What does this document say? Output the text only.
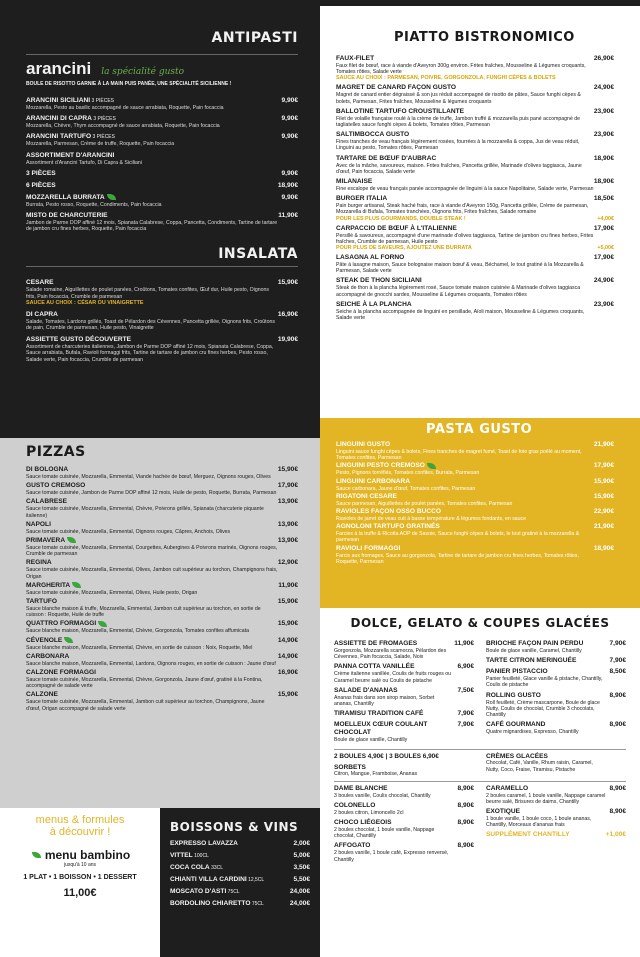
ANTIPASTI
arancini la spécialité gusto
BOULE DE RISOTTO GARNIE À LA MAIN PUIS PANÉE, UNE SPÉCIALITÉ SICILIENNE !
ARANCINI SICILIANI 3 PIÈCES	9,90€
Mozzarella, Pesto au basilic accompagné de sauce arrabiata, Roquette, Pain focaccia
ARANCINI DI CAPRA 3 PIÈCES	9,90€
Mozzarella, Chèvre, Thym accompagné de sauce arrabiata, Roquette, Pain focaccia
ARANCINI TARTUFO 3 PIÈCES	9,90€
Mozzarella, Parmesan, Crème de truffe, Roquette, Pain focaccia
ASSORTIMENT D'ARANCINI
Assortiment d'Arancini Tartufo, Di Capra & Siciliani
3 PIÈCES	9,90€
6 PIÈCES	18,90€
MOZZARELLA BURRATA	9,90€
Burrata, Pesto rosso, Roquette, Condiments, Pain focaccia
MISTO DE CHARCUTERIE	11,90€
Jambon de Parme DOP affiné 12 mois, Spianata Calabrese, Coppa, Pancetta, Condiments, Tartine de tartare de jambon cru fines herbes, Roquette, Pain focaccia
INSALATA
CESARE	15,90€
Salade romaine, Aiguillettes de poulet panées, Croûtons, Tomates confites, Œuf dur, Huile pesto, Oignons frits, Pain focaccia, Crumble de parmesan
SAUCE AU CHOIX : CÉSAR OU VINAIGRETTE
DI CAPRA	16,90€
Salade, Tomates, Lardons grillés, Toast de Pélardon des Cévennes, Pancetta grillée, Oignons frits, Croûtons de pain, Crumble de parmesan, Huile pesto, Vinaigrette
ASSIETTE GUSTO DÉCOUVERTE	19,90€
Assortiment de charcuteries italiennes, Jambon de Parme DOP affiné 12 mois, Spianata Calabrese, Coppa, Sauce arrabiata, Bufala, Ravioli formaggi frits, Tartine de tartare de jambon cru fines herbes, Pesto rosso, Salade verte, Pain focaccia, Crumble de parmesan
PIZZAS
DI BOLOGNA	15,90€
Sauce tomate cuisinée, Mozzarella, Emmental, Viande hachée de bœuf, Merguez, Oignons rouges, Olives
GUSTO CREMOSO	17,90€
Sauce tomate cuisinée, Jambon de Parme DOP affiné 12 mois, Huile de pesto, Roquette, Burrata, Parmesan
CALABRESE	13,90€
Sauce tomate cuisinée, Mozzarella, Emmental, Chèvre, Poivrons grillés, Spianata (charcuterie piquante italienne)
NAPOLI	13,90€
Sauce tomate cuisinée, Mozzarella, Emmental, Oignons rouges, Câpres, Anchois, Olives
PRIMAVERA	13,90€
Sauce tomate cuisinée, Mozzarella, Emmental, Courgettes, Aubergines & Poivrons marinés, Oignons rouges, Crumble de parmesan
REGINA	12,90€
Sauce tomate cuisinée, Mozzarella, Emmental, Olives, Jambon cuit supérieur au torchon, Champignons frais, Origan
MARGHERITA	11,90€
Sauce tomate cuisinée, Mozzarella, Emmental, Olives, Huile pesto, Origan
TARTUFO	15,90€
Sauce blanche maison & truffe, Mozzarella, Emmental, Jambon cuit supérieur au torchon, en sortie de cuisson : Roquette, Huile de truffe
QUATTRO FORMAGGI	15,90€
Sauce blanche maison, Mozzarella, Emmental, Chèvre, Gorgonzola, Tomates confites affumicata
CÉVENOLE	14,90€
Sauce blanche maison, Mozzarella, Emmental, Chèvre, en sortie de cuisson : Noix, Roquette, Miel
CARBONARA	14,90€
Sauce blanche maison, Mozzarella, Emmental, Lardons, Oignons rouges, en sortie de cuisson : Jaune d'œuf
CALZONE FORMAGGI	16,90€
Sauce tomate cuisinée, Mozzarella, Emmental, Chèvre, Gorgonzola, Jaune d'œuf, gratiné à la Fontina, accompagné de salade verte
CALZONE	15,90€
Sauce tomate cuisinée, Mozzarella, Emmental, Jambon cuit supérieur au torchon, Champignons, Jaune d'œuf, Origan accompagné de salade verte
menus & formules
à découvrir !
menu bambino
jusqu'à 10 ans
1 PLAT • 1 BOISSON • 1 DESSERT
11,00€
BOISSONS & VINS
EXPRESSO LAVAZZA	2,00€
VITTEL 100CL	5,00€
COCA COLA 33CL	3,50€
CHIANTI VILLA CARDINI 12,5CL	5,50€
MOSCATO D'ASTI 75CL	24,00€
BORDOLINO CHIARETTO 75CL	24,00€
PIATTO BISTRONOMICO
FAUX-FILET	26,90€
Faux filet de bœuf, race à viande d'Aveyron 300g environ. Frites fraîches, Mousseline & Légumes croquants, Tomates rôties, Salade verte
SAUCE AU CHOIX : PARMESAN, POIVRE, GORGONZOLA, FUNGHI CÈPES & BOLETS
MAGRET DE CANARD FAÇON GUSTO	24,90€
Magret de canard entier dégraissé & son jus réduit accompagné de risotto de pâtes, Sauce funghi cèpes & bolets, Parmesan, Frites fraîches, Mousseline & légumes croquants
BALLOTINE TARTUFO CROUSTILLANTE	23,90€
Filet de volaille française roulé à la crème de truffe, Jambon truffé & mozzarella puis pané accompagné de tagliatelles sauce funghi cèpes & bolets, Tomates rôties, Parmesan
SALTIMBOCCA GUSTO	23,90€
Fines tranches de veau français légèrement rosées, fourrées à la mozzarella & coppa, Jus de veau réduit, Linguini au pesto, Tomates rôties, Parmesan
TARTARE DE BŒUF D'AUBRAC	18,90€
Avec de la mâche, savoureux, maison. Frites fraîches, Pancetta grillée, Marinade d'olives taggiasca, Jaune d'œuf, Pain focaccia, Salade verte
MILANAISE	18,90€
Fine escalope de veau français panée accompagnée de linguini à la sauce Napolitaine, Salade verte, Parmesan
BURGER ITALIA	18,50€
Pain burger artisanal, Steak haché frais, race à viande d'Aveyron 150g, Pancetta grillée, Crème de parmesan, Mozzarella di Bufala, Tomates tranchées, Oignons frits, Frites fraîches, Salade romaine
POUR LES PLUS GOURMANDS, DOUBLE STEAK !	+4,00€
CARPACCIO DE BŒUF À L'ITALIENNE	17,90€
Persillé & savoureux, accompagné d'une marinade d'olives taggiasca, Tartine de jambon cru fines herbes, Frites fraîches, Crumble de parmesan, Huile pesto
POUR PLUS DE SAVEURS, AJOUTEZ UNE BURRATA	+5,00€
LASAGNA AL FORNO	17,90€
Pâte à lasagne maison, Sauce bolognaise maison bœuf & veau, Béchamel, le tout gratiné à la Mozzarella & Parmesan, Salade verte
STEAK DE THON SICILIANI	24,90€
Steak de thon à la plancha légèrement rosé, Sauce tomate maison cuisinée & Marinade d'olives taggiasca accompagné de gnocchi sardes, Mousseline & Légumes croquants, Tomates rôties
SEICHE À LA PLANCHA	23,90€
Seiche à la plancha accompagnée de linguini en persillade, Aïoli maison, Mousseline & Légumes croquants, Salade verte
PASTA GUSTO
LINGUINI GUSTO	21,90€
Linguini sauce funghi cèpes & bolets, Fines tranches de magret fumé, Toast de foie gras poêlé au moment, Tomates confites, Parmesan
LINGUINI PESTO CREMOSO	17,90€
Pesto, Pignons torréfiés, Tomates confites, Burrata, Parmesan
LINGUINI CARBONARA	15,90€
Sauce carbonara, Jaune d'œuf, Tomates confites, Parmesan
RIGATONI CESARE	15,90€
Sauce parmesan, Aiguillettes de poulet panées, Tomates confites, Parmesan
RAVIOLES FAÇON OSSO BUCCO	22,90€
Ravioles de jarret de veau cuit à basse température & légumes fondants, en sauce
AGNOLONI TARTUFO GRATINÉS	21,90€
Farcies à la truffe & Ricotta AOP de Savoie, Sauce funghi cèpes & bolets, le tout gratiné à la mozzarella & parmesan
RAVIOLI FORMAGGI	18,90€
Farcis aux fromages, Sauce au gorgonzola, Tartine de tartare de jambon cru fines herbes, Tomates rôties, Roquette, Parmesan
DOLCE, GELATO & COUPES GLACÉES
ASSIETTE DE FROMAGES	11,90€
Gorgonzola, Mozzarella scamorza, Pélardon des Cévennes, Pain focaccia, Salade, Noix
PANNA COTTA VANILLÉE	6,90€
Crème italienne vanillée, Coulis de fruits rouges ou Caramel beurre salé ou Coulis de pistache
SALADE D'ANANAS	7,50€
Ananas frais dans son sirop maison, Sorbet ananas, Chantilly
TIRAMISU TRADITION CAFÉ	7,90€
MOELLEUX CŒUR COULANT CHOCOLAT
7,90€
Boule de glace vanille, Chantilly
BRIOCHE FAÇON PAIN PERDU	7,90€
Boule de glace vanille, Caramel, Chantilly
TARTE CITRON MERINGUÉE	7,90€
PANIER PISTACCIO	8,50€
Panier feuilleté, Glace vanille & pistache, Chantilly, Coulis de pistache
ROLLING GUSTO	8,90€
Roll feuilleté, Crème mascarpone, Boule de glace Nutty, Coulis de chocolat, Crumble 3 chocolats, Chantilly
CAFÉ GOURMAND	8,90€
Quatre mignardises, Expresso, Chantilly
2 BOULES 4,90€ | 3 BOULES 6,90€
SORBETS
Citron, Mangue, Framboise, Ananas
CRÈMES GLACÉES
Chocolat, Café, Vanille, Rhum raisin, Caramel, Nutty, Coco, Fraise, Tiramisu, Pistache
DAME BLANCHE	8,90€
3 boules vanille, Coulis chocolat, Chantilly
COLONELLO	8,90€
2 boules citron, Limoncello 2cl
CHOCO LIÉGEOIS	8,90€
2 boules chocolat, 1 boule vanille, Nappage chocolat, Chantilly
AFFOGATO	8,90€
2 boules vanille, 1 boule café, Expresso renversé, Chantilly
CARAMELLO	8,90€
2 boules caramel, 1 boule vanille, Nappage caramel beurre salé, Brisures de daims, Chantilly
EXOTIQUE	8,90€
1 boule vanille, 1 boule coco, 1 boule ananas, Chantilly, Morceaux d'ananas frais
SUPPLÉMENT CHANTILLY	+1,00€
